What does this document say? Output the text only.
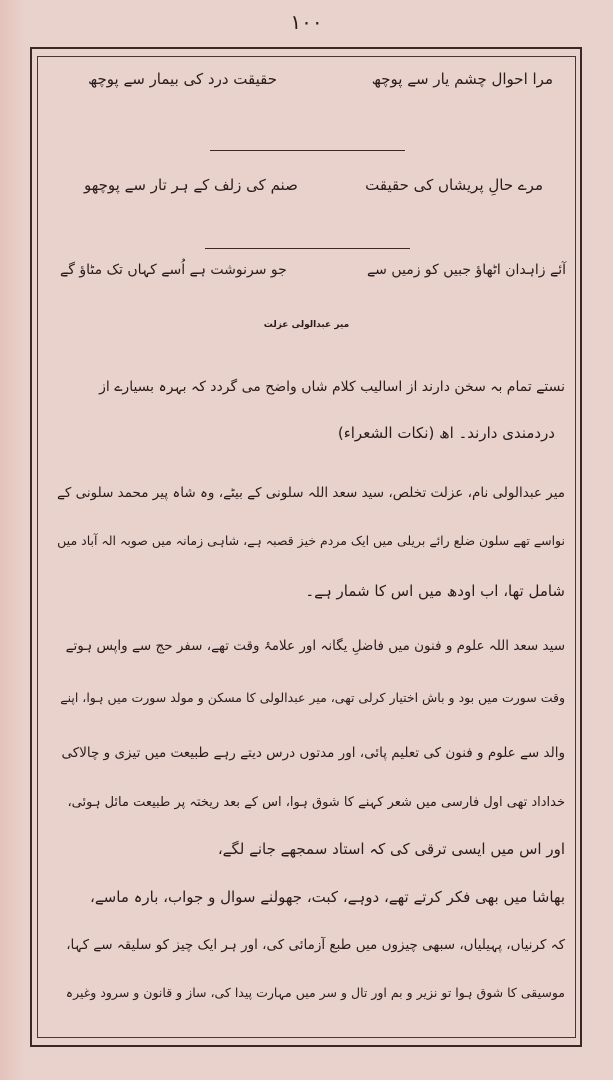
۱۰۰
مرا احوال چشم یار سے پوچھ
حقیقت درد کی بیمار سے پوچھ
مرے حالِ پریشاں کی حقیقت
صنم کی زلف کے ہر تار سے پوچھو
آئے زاہدان اٹھاؤ جبیں کو زمیں سے
جو سرنوشت ہے اُسے کہاں تک مٹاؤ گے
میر عبدالولی عزلت
نستے تمام بہ سخن دارند از اسالیب کلام شاں واضح می گردد کہ بہرہ بسیارے از
دردمندی دارند۔ اھ (نکات الشعراء)
میر عبدالولی نام، عزلت تخلص، سید سعد اللہ سلونی کے بیٹے، وہ شاہ پیر محمد سلونی کے
نواسے تھے سلون ضلع رائے بریلی میں ایک مردم خیز قصبہ ہے، شاہی زمانہ میں صوبہ الہ آباد میں
شامل تھا، اب اودھ میں اس کا شمار ہے۔
سید سعد اللہ علوم و فنون میں فاضلِ یگانہ اور علامۂ وقت تھے، سفر حج سے واپس ہوتے
وقت سورت میں بود و باش اختیار کرلی تھی، میر عبدالولی کا مسکن و مولد سورت میں ہوا، اپنے
والد سے علوم و فنون کی تعلیم پائی، اور مدتوں درس دیتے رہے طبیعت میں تیزی و چالاکی
خداداد تھی اول فارسی میں شعر کہنے کا شوق ہوا، اس کے بعد ریختہ پر طبیعت مائل ہوئی،
اور اس میں ایسی ترقی کی کہ استاد سمجھے جانے لگے،
بھاشا میں بھی فکر کرتے تھے، دوہے، کبت، جھولنے سوال و جواب، بارہ ماسے،
کہ کرنیاں، پہیلیاں، سبھی چیزوں میں طبع آزمائی کی، اور ہر ایک چیز کو سلیقہ سے کہا،
موسیقی کا شوق ہوا تو نزیر و بم اور تال و سر میں مہارت پیدا کی، ساز و قانون و سرود وغیرہ
